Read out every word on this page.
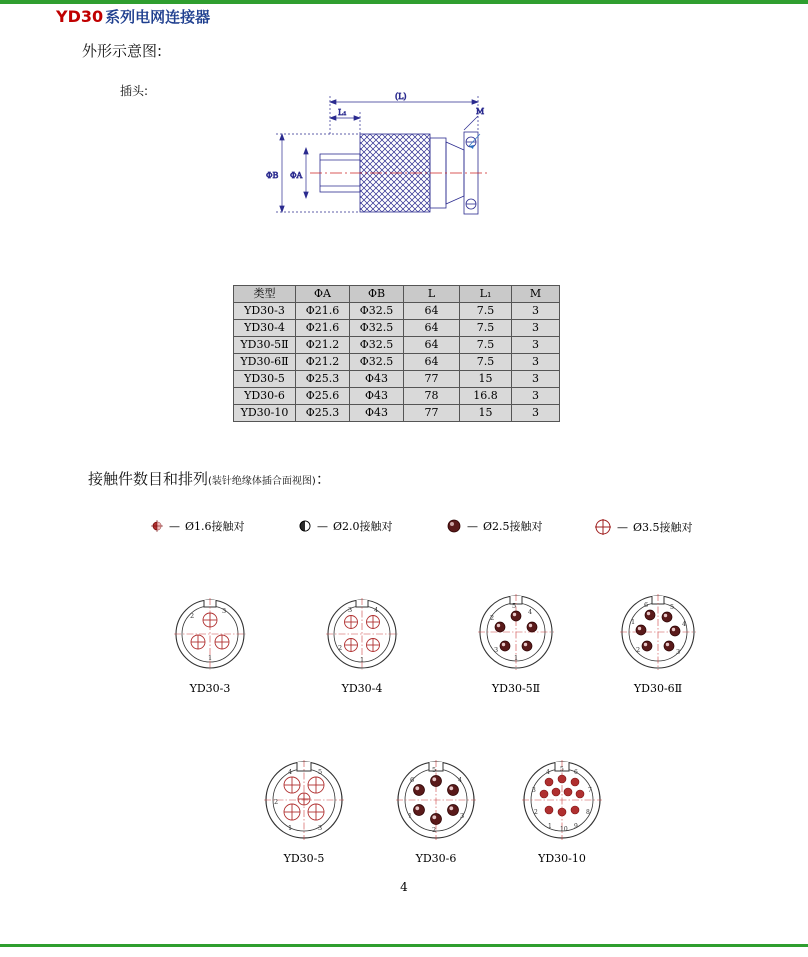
YD30 系列电网连接器
外形示意图:
插头:	(L)
L₁
ΦB ΦA
M
类型	ΦA	ΦB	L	L₁	M
YD30-3	Φ21.6	Φ32.5	64	7.5	3
YD30-4	Φ21.6	Φ32.5	64	7.5	3
YD30-5Ⅱ	Φ21.2	Φ32.5	64	7.5	3
YD30-6Ⅱ	Φ21.2	Φ32.5	64	7.5	3
YD30-5	Φ25.3	Φ43	77	15	3
YD30-6	Φ25.6	Φ43	78	16.8	3
YD30-10	Φ25.3	Φ43	77	15	3
接触件数目和排列(装针绝缘体插合面视图)：
— Ø1.6接触对	— Ø2.0接触对	— Ø2.5接触对	— Ø3.5接触对
3
2
1
YD30-3
3	4
2
1
YD30-4
5
4
2
3
1
YD30-5Ⅱ
6	5
1	4
2	3
YD30-6Ⅱ
4	5
2
1	3
YD30-5
5
6	4
1	3
2
YD30-6
4 5 6
3	7
2	8
1 10 9
YD30-10
4
